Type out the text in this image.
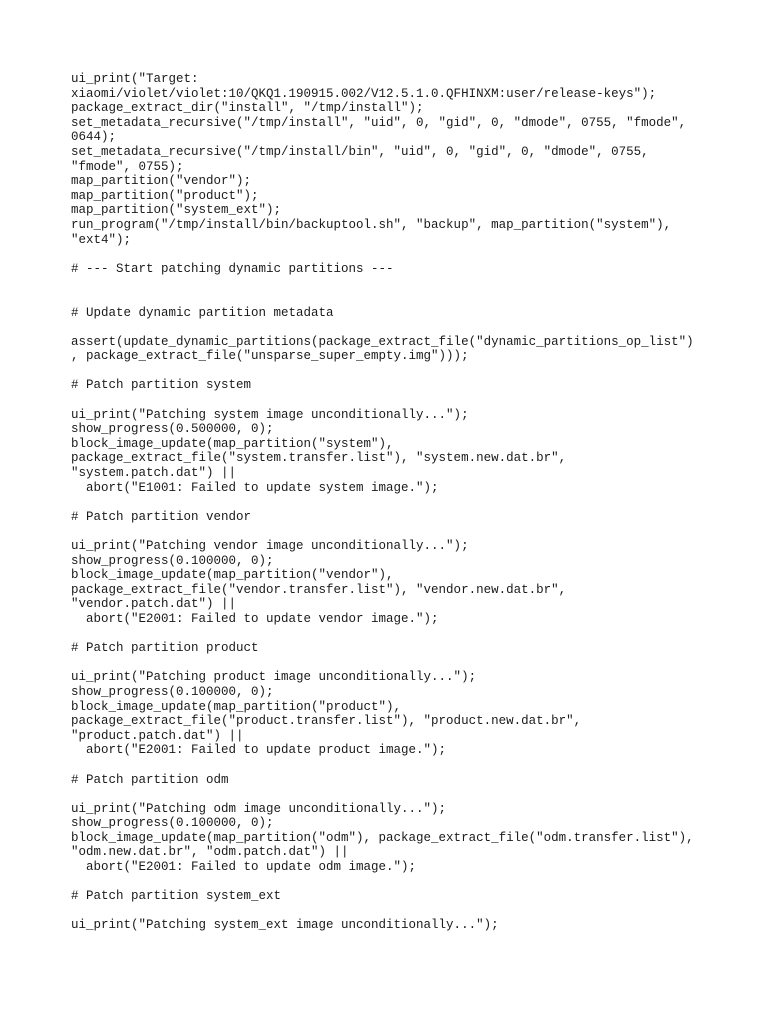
ui_print("Target:
xiaomi/violet/violet:10/QKQ1.190915.002/V12.5.1.0.QFHINXM:user/release-keys");
package_extract_dir("install", "/tmp/install");
set_metadata_recursive("/tmp/install", "uid", 0, "gid", 0, "dmode", 0755, "fmode",
0644);
set_metadata_recursive("/tmp/install/bin", "uid", 0, "gid", 0, "dmode", 0755,
"fmode", 0755);
map_partition("vendor");
map_partition("product");
map_partition("system_ext");
run_program("/tmp/install/bin/backuptool.sh", "backup", map_partition("system"),
"ext4");
# --- Start patching dynamic partitions ---
# Update dynamic partition metadata
assert(update_dynamic_partitions(package_extract_file("dynamic_partitions_op_list")
, package_extract_file("unsparse_super_empty.img")));
# Patch partition system
ui_print("Patching system image unconditionally...");
show_progress(0.500000, 0);
block_image_update(map_partition("system"),
package_extract_file("system.transfer.list"), "system.new.dat.br",
"system.patch.dat") ||
abort("E1001: Failed to update system image.");
# Patch partition vendor
ui_print("Patching vendor image unconditionally...");
show_progress(0.100000, 0);
block_image_update(map_partition("vendor"),
package_extract_file("vendor.transfer.list"), "vendor.new.dat.br",
"vendor.patch.dat") ||
abort("E2001: Failed to update vendor image.");
# Patch partition product
ui_print("Patching product image unconditionally...");
show_progress(0.100000, 0);
block_image_update(map_partition("product"),
package_extract_file("product.transfer.list"), "product.new.dat.br",
"product.patch.dat") ||
abort("E2001: Failed to update product image.");
# Patch partition odm
ui_print("Patching odm image unconditionally...");
show_progress(0.100000, 0);
block_image_update(map_partition("odm"), package_extract_file("odm.transfer.list"),
"odm.new.dat.br", "odm.patch.dat") ||
abort("E2001: Failed to update odm image.");
# Patch partition system_ext
ui_print("Patching system_ext image unconditionally...");
